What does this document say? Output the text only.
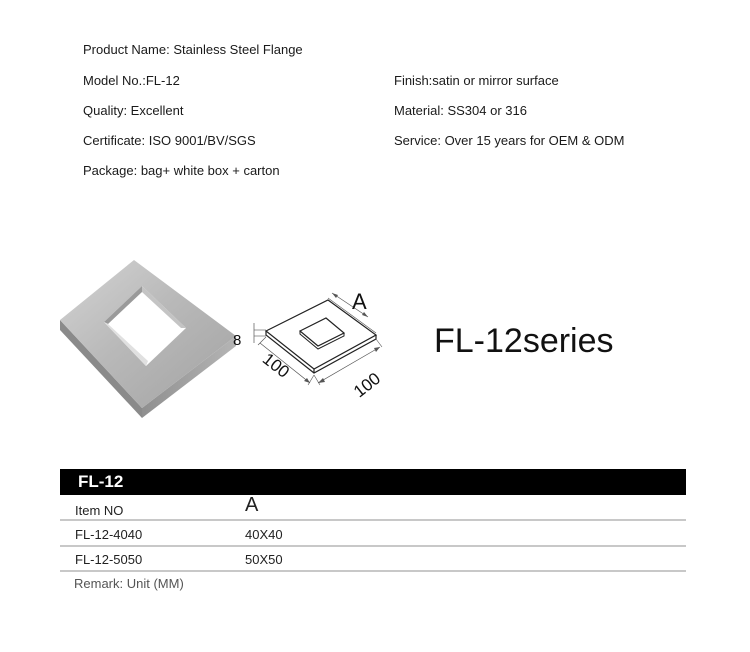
Product Name: Stainless Steel Flange
Model No.:FL-12
Quality: Excellent
Certificate: ISO 9001/BV/SGS
Package: bag+ white box + carton
Finish:satin or mirror surface
Material: SS304 or 316
Service: Over 15 years for OEM & ODM
A
8
100
100
FL-12series
FL-12
Item NO	A
FL-12-4040	40X40
FL-12-5050	50X50
Remark: Unit (MM)
